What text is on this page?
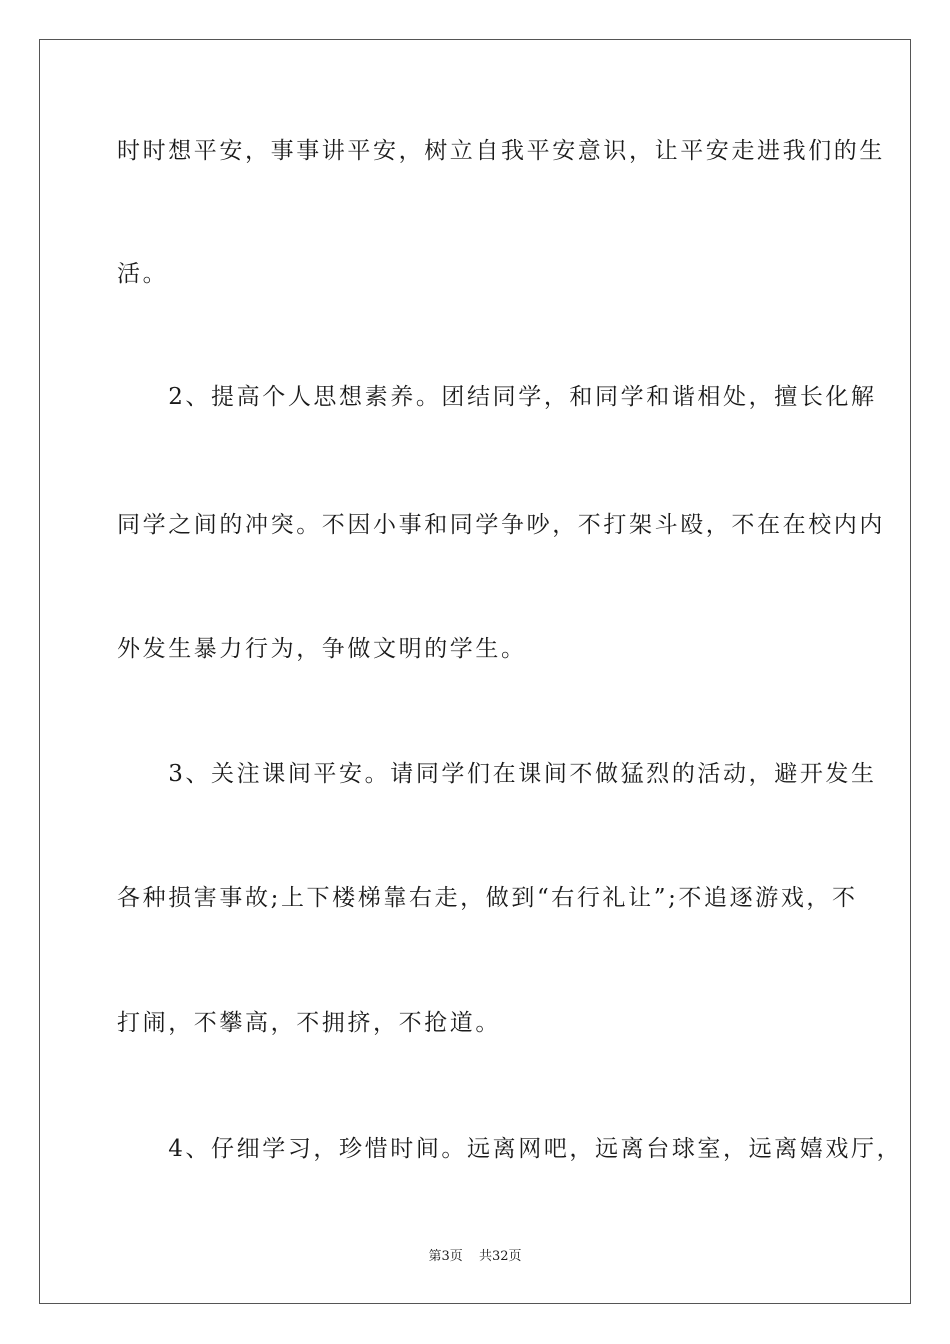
时时想平安，事事讲平安，树立自我平安意识，让平安走进我们的生
活。
　　2、提高个人思想素养。团结同学，和同学和谐相处，擅长化解
同学之间的冲突。不因小事和同学争吵，不打架斗殴，不在在校内内
外发生暴力行为，争做文明的学生。
　　3、关注课间平安。请同学们在课间不做猛烈的活动，避开发生
各种损害事故;上下楼梯靠右走，做到“右行礼让”;不追逐游戏，不
打闹，不攀高，不拥挤，不抢道。
　　4、仔细学习，珍惜时间。远离网吧，远离台球室，远离嬉戏厅，
第3页 共32页
